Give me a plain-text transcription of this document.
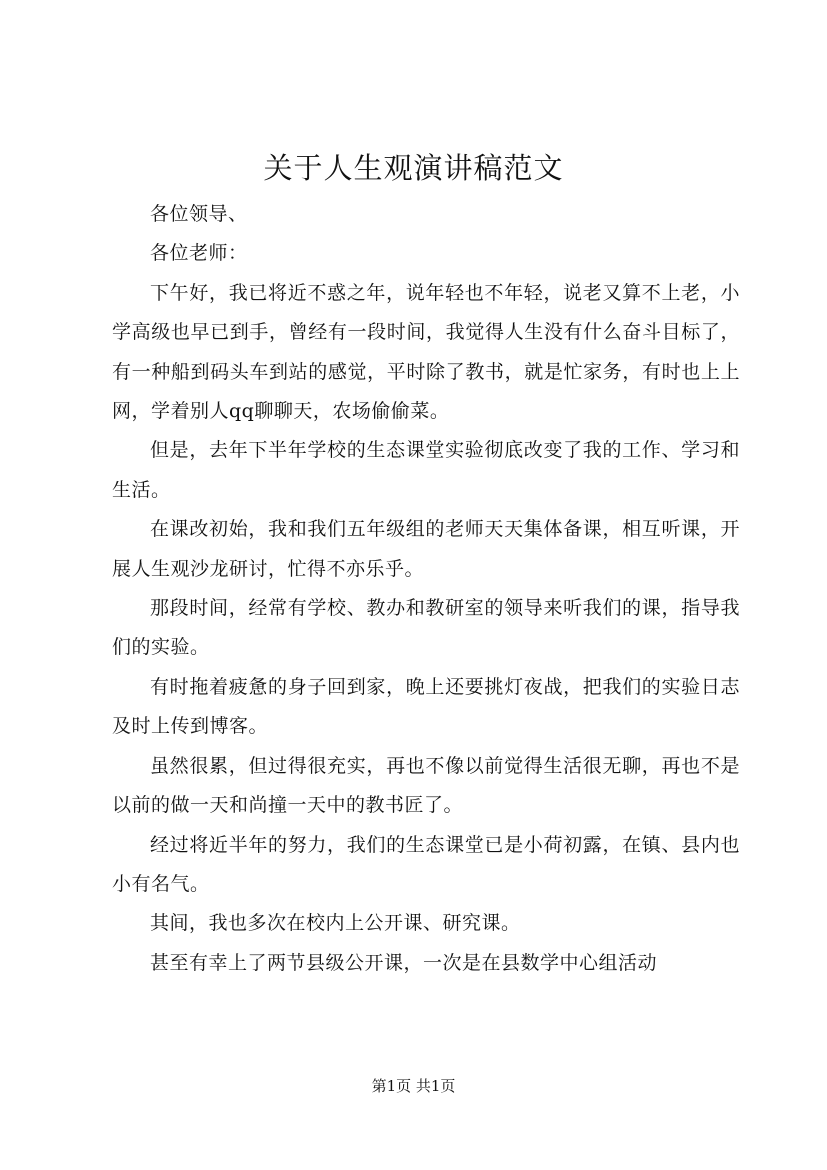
关于人生观演讲稿范文

各位领导、

各位老师：

下午好，我已将近不惑之年，说年轻也不年轻，说老又算不上老，小学高级也早已到手，曾经有一段时间，我觉得人生没有什么奋斗目标了，有一种船到码头车到站的感觉，平时除了教书，就是忙家务，有时也上上网，学着别人qq聊聊天，农场偷偷菜。

但是，去年下半年学校的生态课堂实验彻底改变了我的工作、学习和生活。

在课改初始，我和我们五年级组的老师天天集体备课，相互听课，开展人生观沙龙研讨，忙得不亦乐乎。

那段时间，经常有学校、教办和教研室的领导来听我们的课，指导我们的实验。

有时拖着疲惫的身子回到家，晚上还要挑灯夜战，把我们的实验日志及时上传到博客。

虽然很累，但过得很充实，再也不像以前觉得生活很无聊，再也不是以前的做一天和尚撞一天中的教书匠了。

经过将近半年的努力，我们的生态课堂已是小荷初露，在镇、县内也小有名气。

其间，我也多次在校内上公开课、研究课。

甚至有幸上了两节县级公开课，一次是在县数学中心组活动

第1页 共1页
